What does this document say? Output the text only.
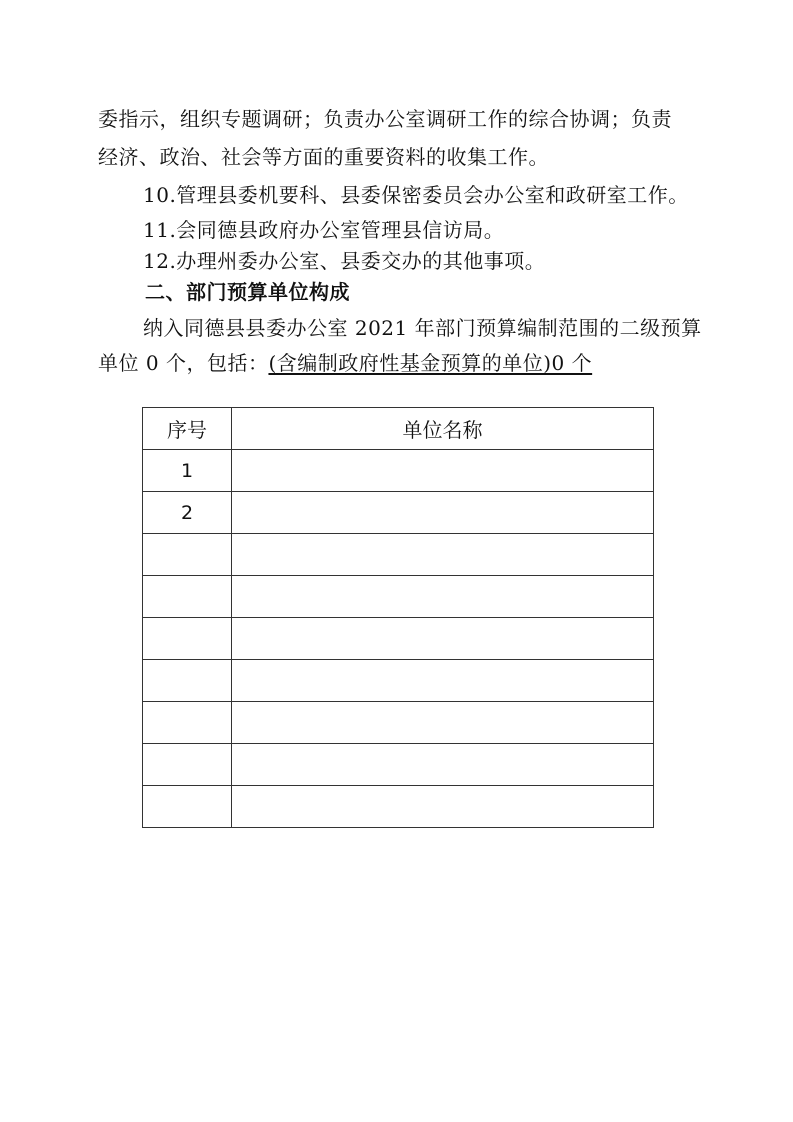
委指示，组织专题调研；负责办公室调研工作的综合协调；负责
经济、政治、社会等方面的重要资料的收集工作。
10.管理县委机要科、县委保密委员会办公室和政研室工作。
11.会同德县政府办公室管理县信访局。
12.办理州委办公室、县委交办的其他事项。
二、部门预算单位构成
纳入同德县县委办公室 2021 年部门预算编制范围的二级预算
单位 0 个，包括：(含编制政府性基金预算的单位)0 个
序号	单位名称
1	
2	
